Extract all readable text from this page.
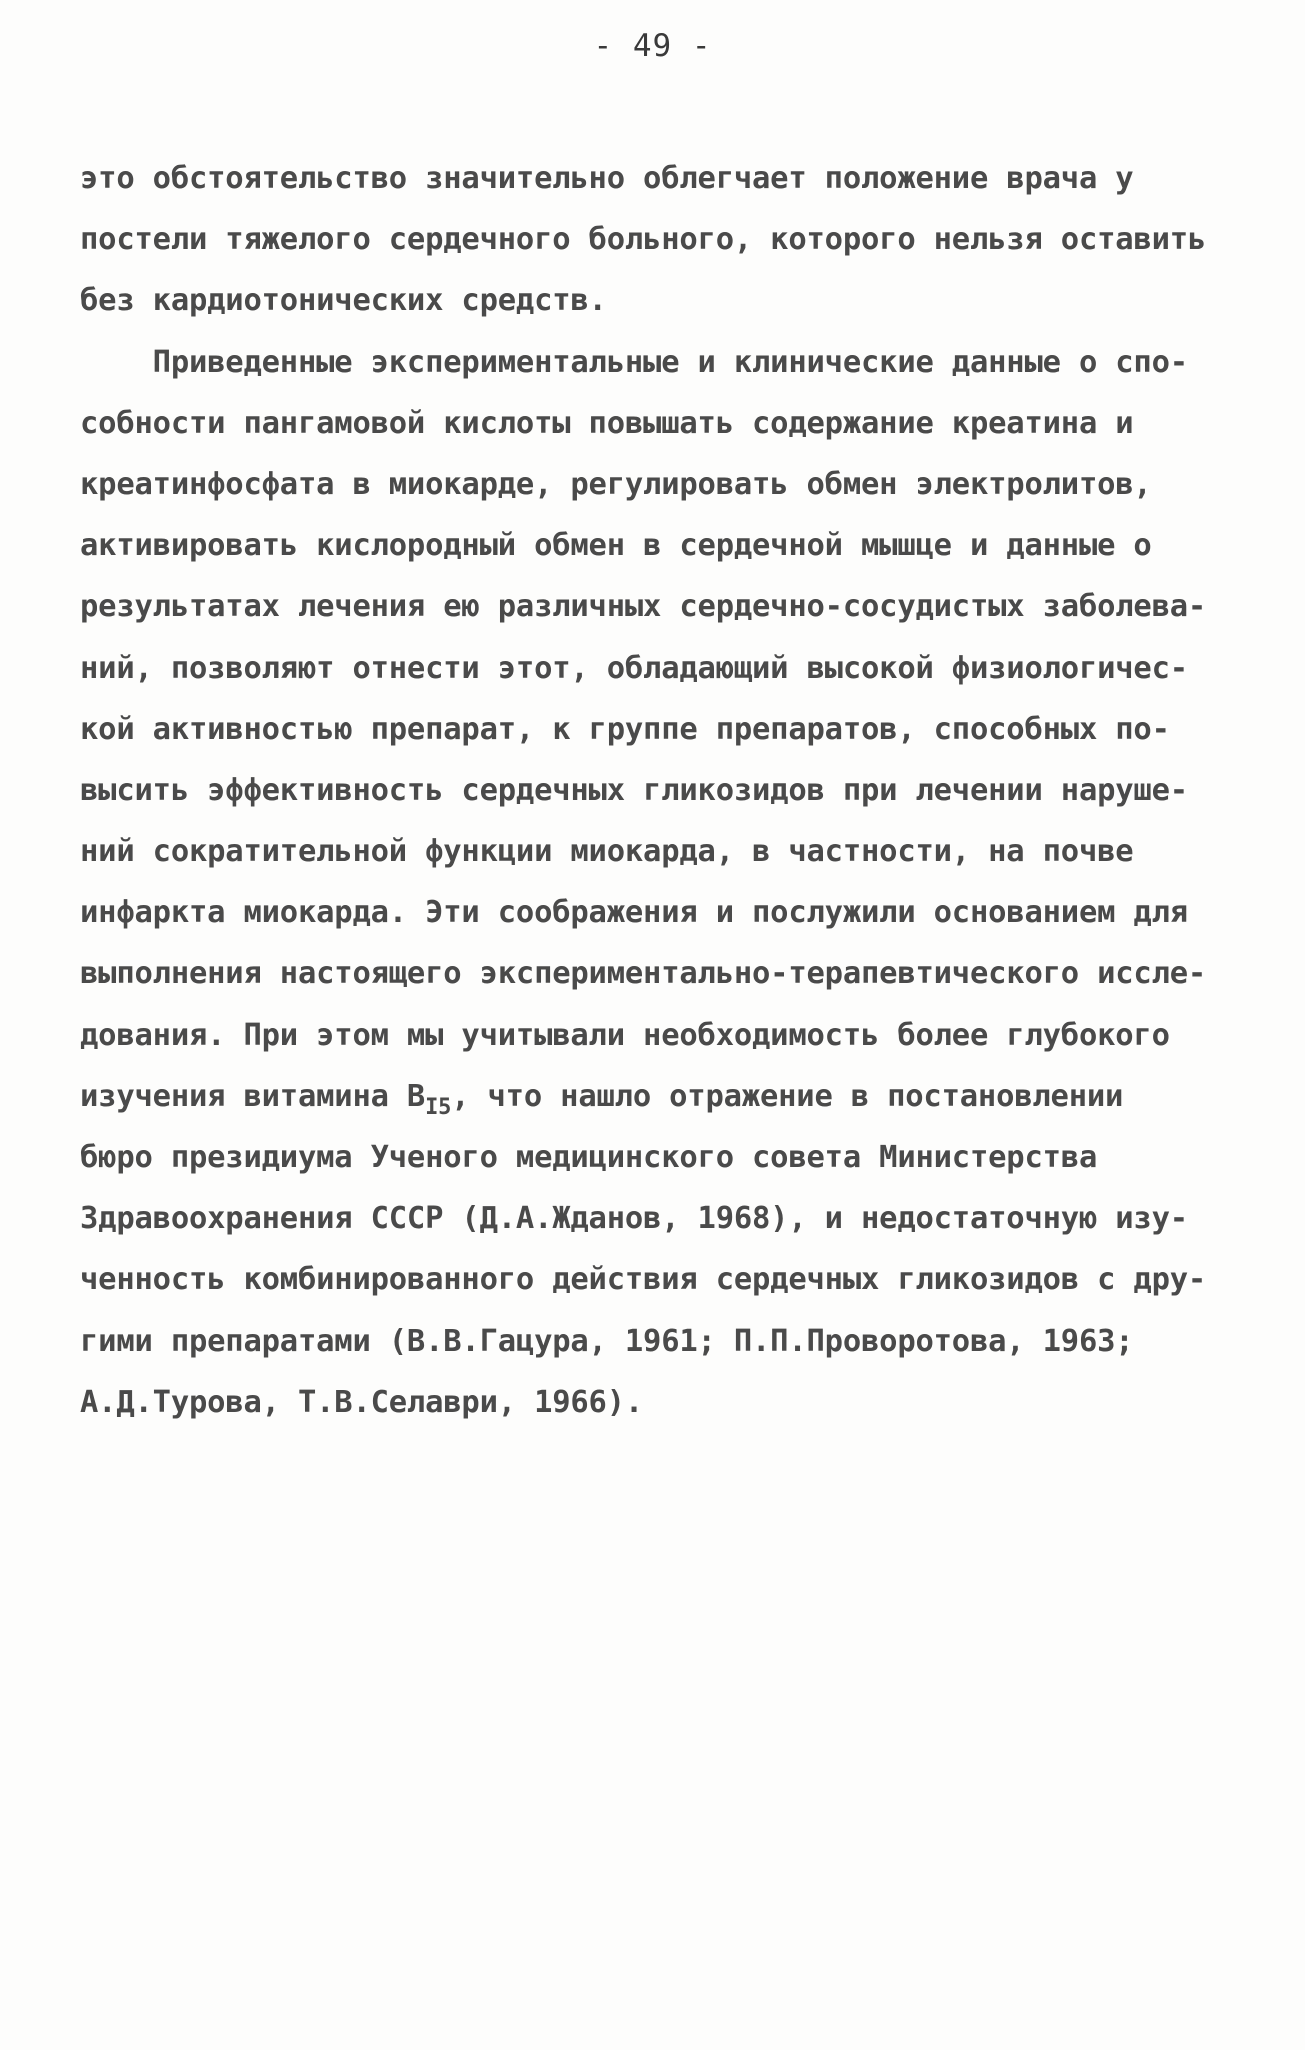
- 49 -
это обстоятельство значительно облегчает положение врача у
постели тяжелого сердечного больного, которого нельзя оставить
без кардиотонических средств.
Приведенные экспериментальные и клинические данные о спо-
собности пангамовой кислоты повышать содержание креатина и
креатинфосфата в миокарде, регулировать обмен электролитов,
активировать кислородный обмен в сердечной мышце и данные о
результатах лечения ею различных сердечно-сосудистых заболева-
ний, позволяют отнести этот, обладающий высокой физиологичес-
кой активностью препарат, к группе препаратов, способных по-
высить эффективность сердечных гликозидов при лечении наруше-
ний сократительной функции миокарда, в частности, на почве
инфаркта миокарда. Эти соображения и послужили основанием для
выполнения настоящего экспериментально-терапевтического иссле-
дования. При этом мы учитывали необходимость более глубокого
изучения витамина $B_{I5}$, что нашло отражение в постановлении
бюро президиума Ученого медицинского совета Министерства
Здравоохранения СССР (Д.А.Жданов, 1968), и недостаточную изу-
ченность комбинированного действия сердечных гликозидов с дру-
гими препаратами (В.В.Гацура, 1961; П.П.Проворотова, 1963;
А.Д.Турова, Т.В.Селаври, 1966).
